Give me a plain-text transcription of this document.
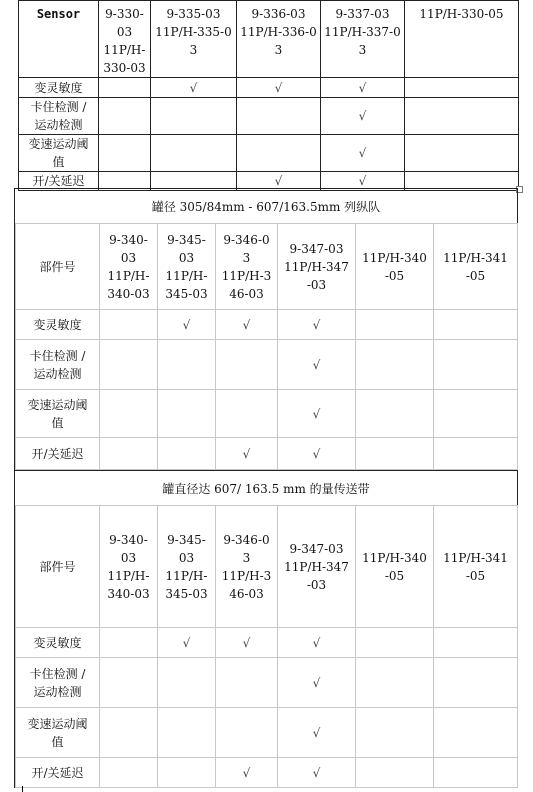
Sensor	9-330-
03
11P/H-
330-03	9-335-03
11P/H-335-0
3	9-336-03
11P/H-336-0
3	9-337-03
11P/H-337-0
3	11P/H-330-05
变灵敏度		√	√	√	
卡住检测 /
运动检测				√	
变速运动阈
值				√	
开/关延迟			√	√	
罐径 305/84mm - 607/163.5mm 列纵队
部件号	9-340-
03
11P/H-
340-03	9-345-
03
11P/H-
345-03	9-346-0
3
11P/H-3
46-03	9-347-03
11P/H-347
-03	11P/H-340
-05	11P/H-341
-05
变灵敏度		√	√	√		
卡住检测 /
运动检测				√		
变速运动阈
值				√		
开/关延迟			√	√		
罐直径达 607/ 163.5 mm 的量传送带
部件号	9-340-
03
11P/H-
340-03	9-345-
03
11P/H-
345-03	9-346-0
3
11P/H-3
46-03	9-347-03
11P/H-347
-03	11P/H-340
-05	11P/H-341
-05
变灵敏度		√	√	√		
卡住检测 /
运动检测				√		
变速运动阈
值				√		
开/关延迟			√	√		
